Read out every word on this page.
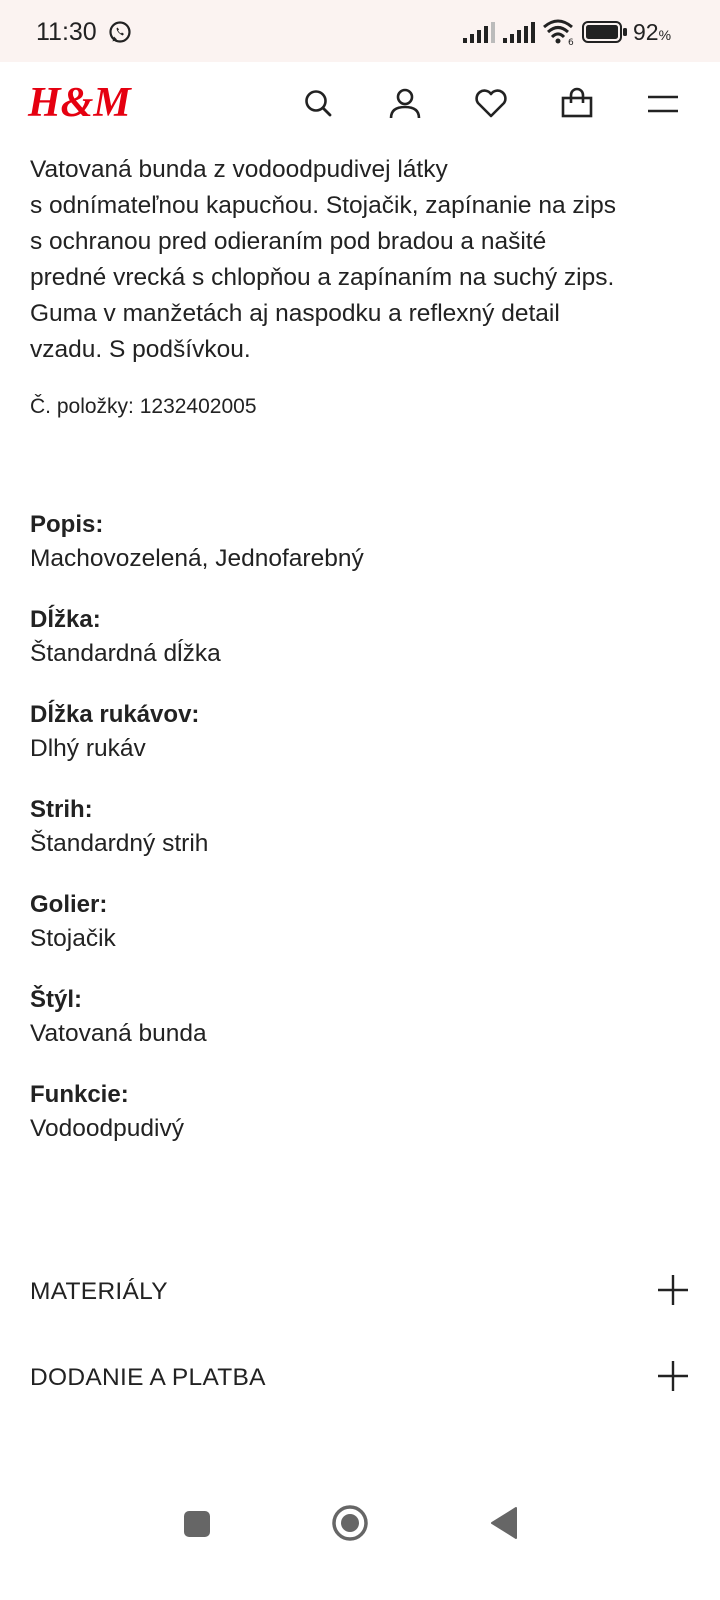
11:30	6	92%
H&M
Vatovaná bunda z vodoodpudivej látky
s odnímateľnou kapucňou. Stojačik, zapínanie na zips
s ochranou pred odieraním pod bradou a našité
predné vrecká s chlopňou a zapínaním na suchý zips.
Guma v manžetách aj naspodku a reflexný detail
vzadu. S podšívkou.
Č. položky: 1232402005
Popis:
Machovozelená, Jednofarebný
Dĺžka:
Štandardná dĺžka
Dĺžka rukávov:
Dlhý rukáv
Strih:
Štandardný strih
Golier:
Stojačik
Štýl:
Vatovaná bunda
Funkcie:
Vodoodpudivý
MATERIÁLY
DODANIE A PLATBA
